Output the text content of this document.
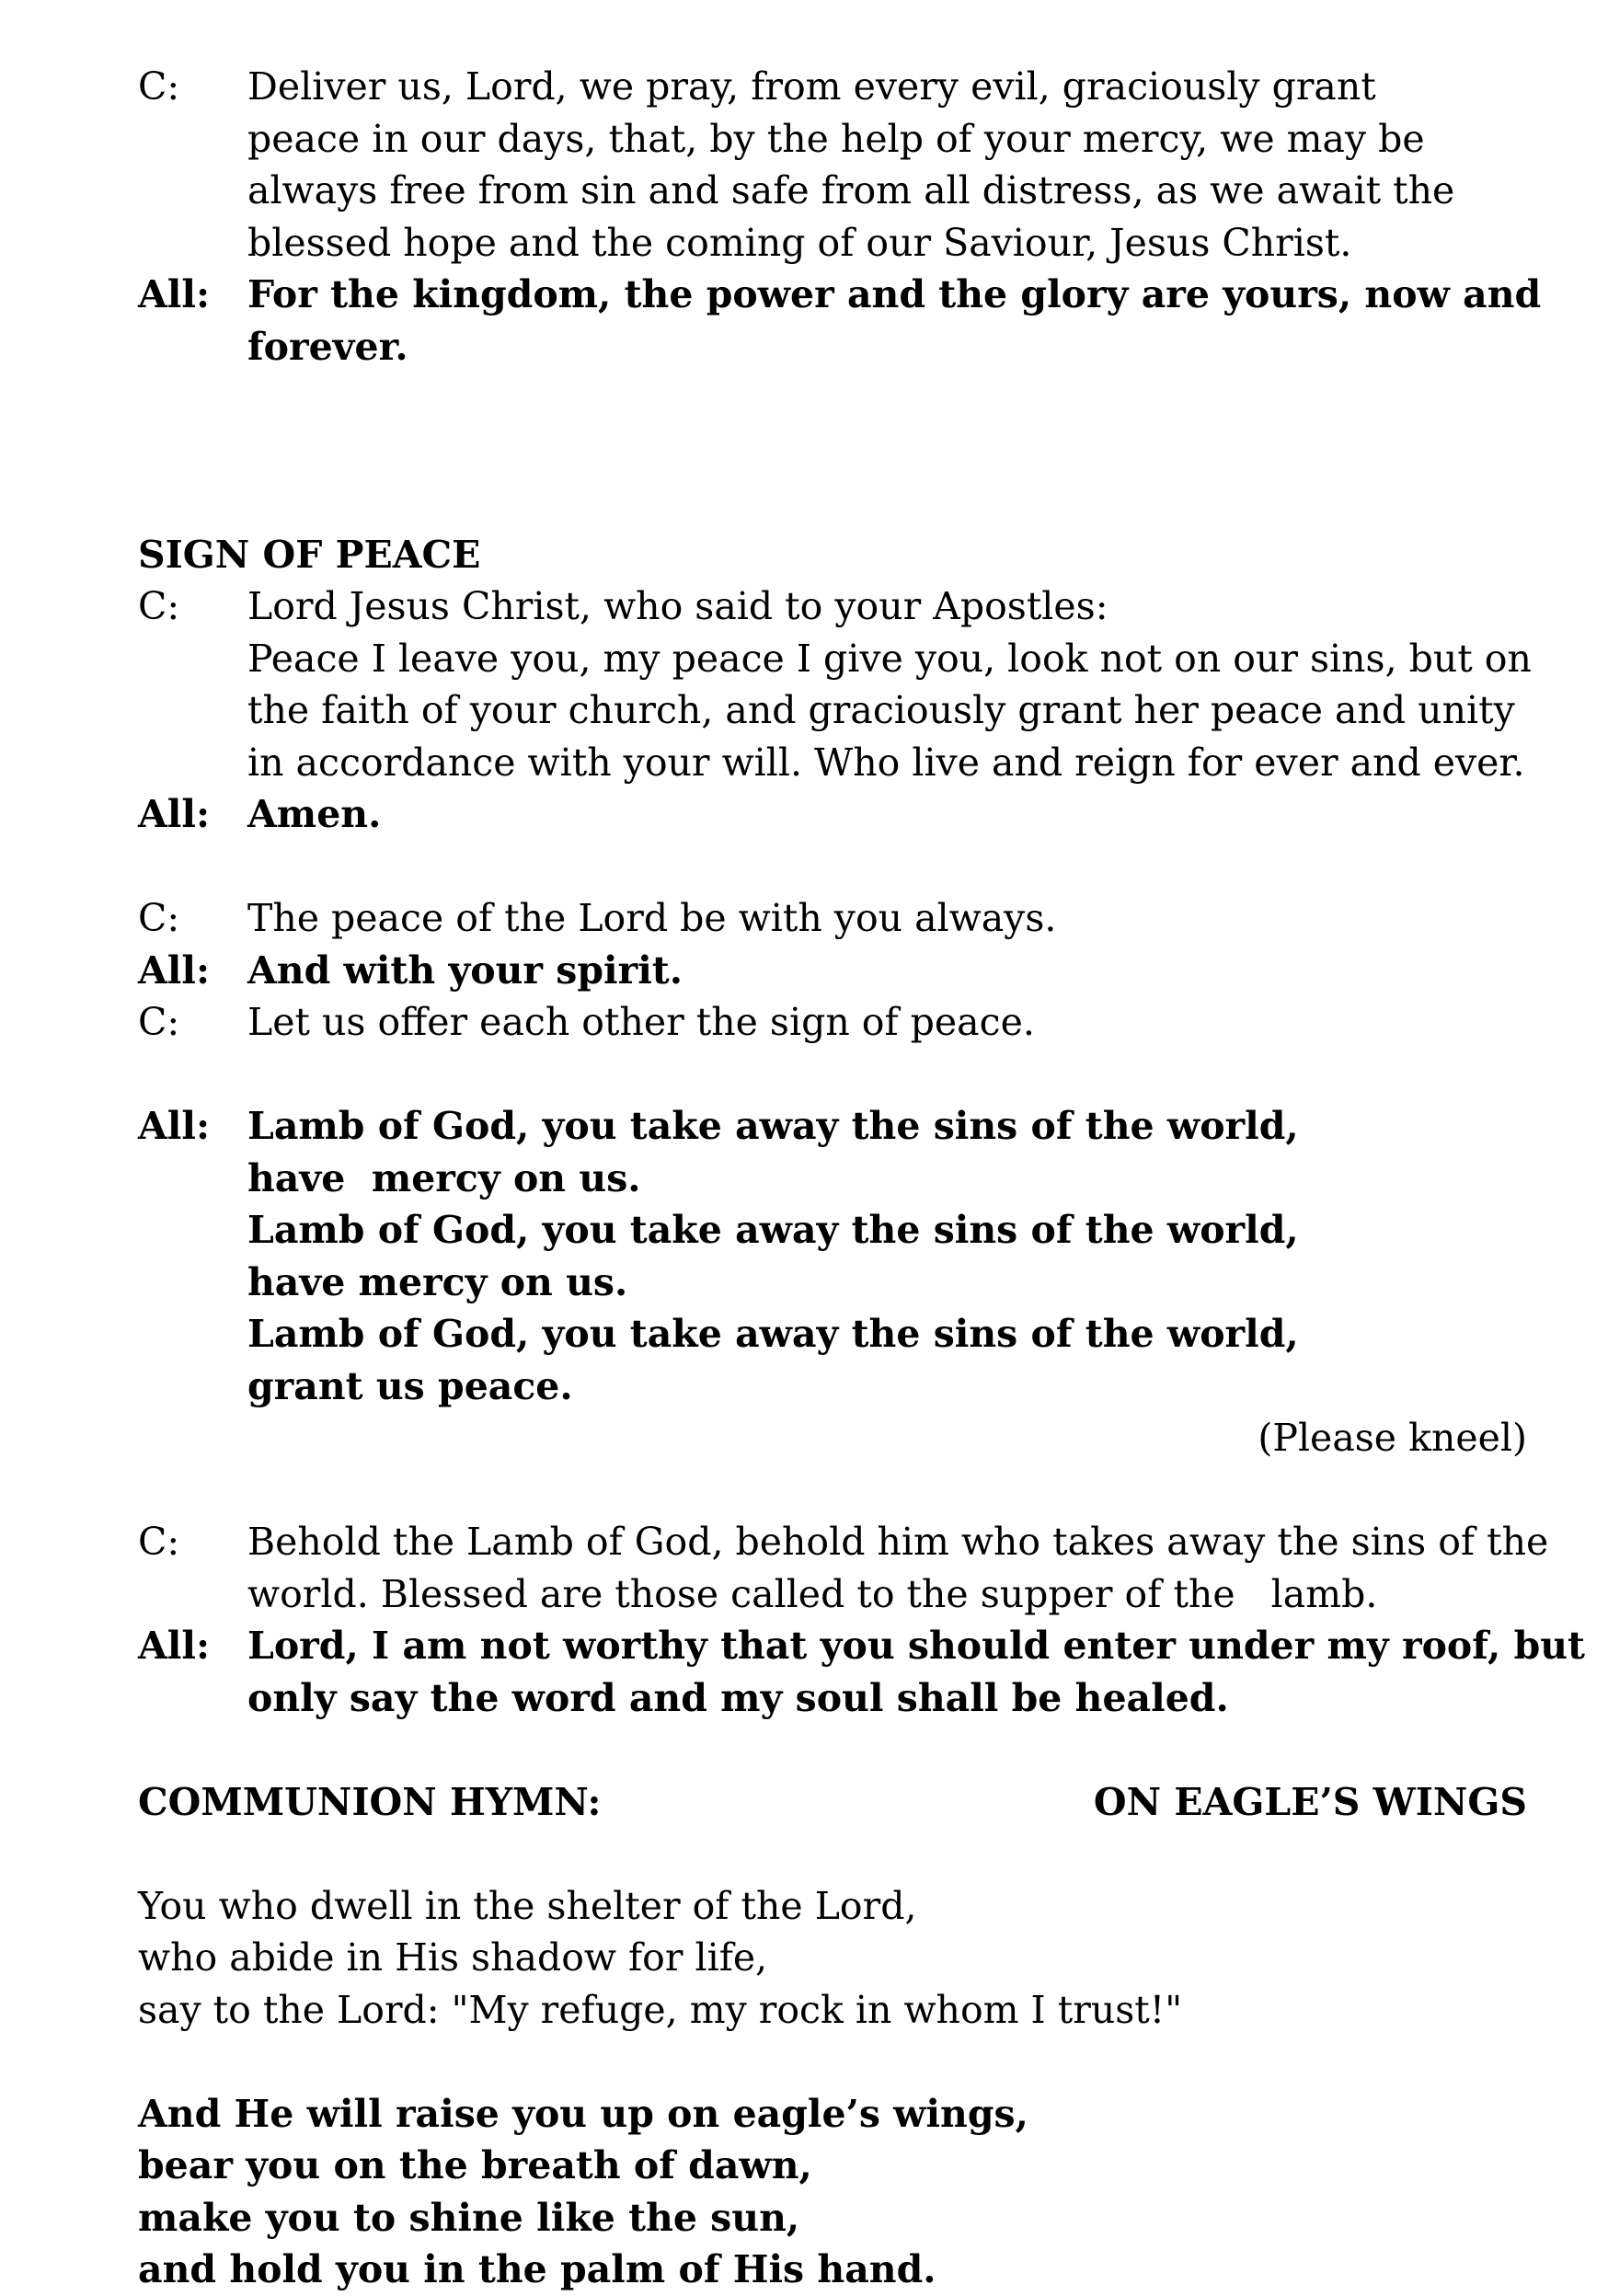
C: Deliver us, Lord, we pray, from every evil, graciously grant
peace in our days, that, by the help of your mercy, we may be
always free from sin and safe from all distress, as we await the
blessed hope and the coming of our Saviour, Jesus Christ.
All: For the kingdom, the power and the glory are yours, now and
forever.
SIGN OF PEACE
C: Lord Jesus Christ, who said to your Apostles:
Peace I leave you, my peace I give you, look not on our sins, but on
the faith of your church, and graciously grant her peace and unity
in accordance with your will. Who live and reign for ever and ever.
All: Amen.
C: The peace of the Lord be with you always.
All: And with your spirit.
C: Let us offer each other the sign of peace.
All: Lamb of God, you take away the sins of the world,
have  mercy on us.
Lamb of God, you take away the sins of the world,
have mercy on us.
Lamb of God, you take away the sins of the world,
grant us peace.
(Please kneel)
C: Behold the Lamb of God, behold him who takes away the sins of the
world. Blessed are those called to the supper of the   lamb.
All: Lord, I am not worthy that you should enter under my roof, but
only say the word and my soul shall be healed.
COMMUNION HYMN:	ON EAGLE’S WINGS
You who dwell in the shelter of the Lord,
who abide in His shadow for life,
say to the Lord: "My refuge, my rock in whom I trust!"
And He will raise you up on eagle’s wings,
bear you on the breath of dawn,
make you to shine like the sun,
and hold you in the palm of His hand.
